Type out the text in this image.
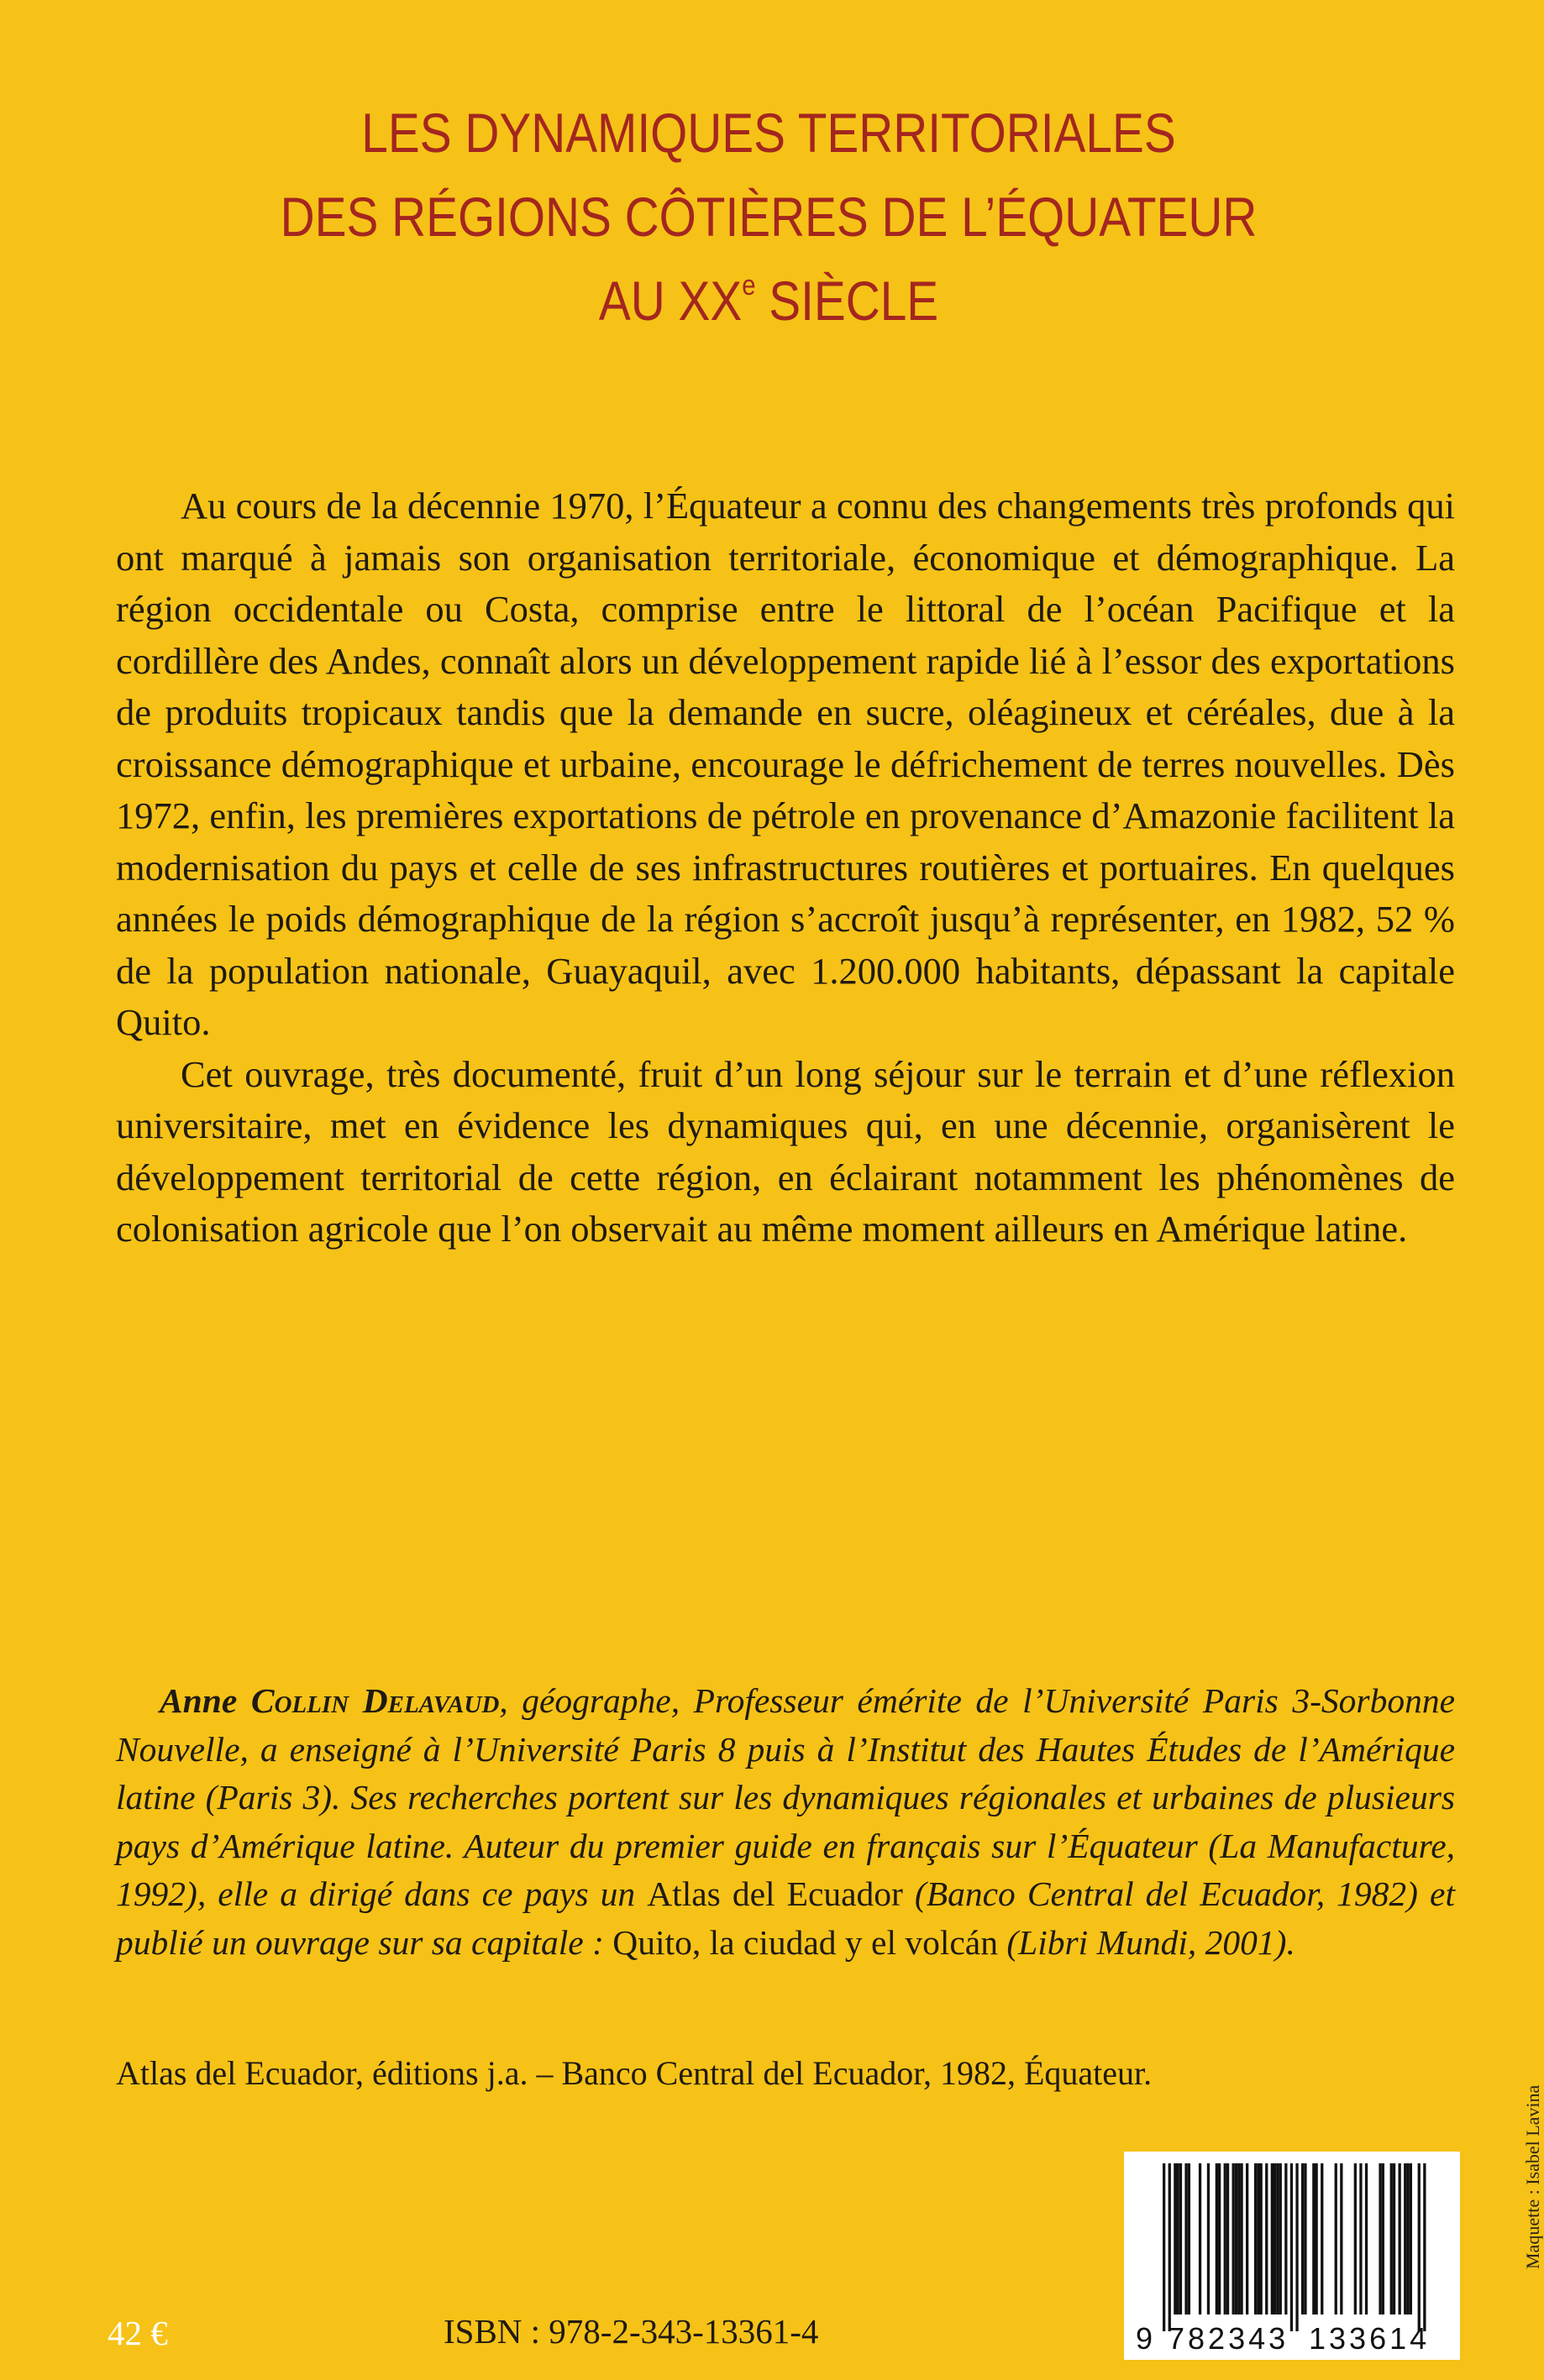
LES DYNAMIQUES TERRITORIALES
DES RÉGIONS CÔTIÈRES DE L’ÉQUATEUR
AU XXe SIÈCLE

Au cours de la décennie 1970, l’Équateur a connu des changements très profonds qui ont marqué à jamais son organisation territoriale, économique et démographique. La région occidentale ou Costa, comprise entre le littoral de l’océan Pacifique et la cordillère des Andes, connaît alors un développement rapide lié à l’essor des exportations de produits tropicaux tandis que la demande en sucre, oléagineux et céréales, due à la croissance démographique et urbaine, encourage le défrichement de terres nouvelles. Dès 1972, enfin, les premières exportations de pétrole en provenance d’Amazonie facilitent la modernisation du pays et celle de ses infrastructures routières et portuaires. En quelques années le poids démographique de la région s’accroît jusqu’à représenter, en 1982, 52 % de la population nationale, Guayaquil, avec 1.200.000 habitants, dépassant la capitale Quito.

Cet ouvrage, très documenté, fruit d’un long séjour sur le terrain et d’une réflexion universitaire, met en évidence les dynamiques qui, en une décennie, organisèrent le développement territorial de cette région, en éclairant notamment les phénomènes de colonisation agricole que l’on observait au même moment ailleurs en Amérique latine.

Anne Collin Delavaud, géographe, Professeur émérite de l’Université Paris 3-Sorbonne Nouvelle, a enseigné à l’Université Paris 8 puis à l’Institut des Hautes Études de l’Amérique latine (Paris 3). Ses recherches portent sur les dynamiques régionales et urbaines de plusieurs pays d’Amérique latine. Auteur du premier guide en français sur l’Équateur (La Manufacture, 1992), elle a dirigé dans ce pays un Atlas del Ecuador (Banco Central del Ecuador, 1982) et publié un ouvrage sur sa capitale : Quito, la ciudad y el volcán (Libri Mundi, 2001).

Atlas del Ecuador, éditions j.a. – Banco Central del Ecuador, 1982, Équateur.
Maquette : Isabel Lavina
42 €	ISBN : 978-2-343-13361-4	9 782343 133614
